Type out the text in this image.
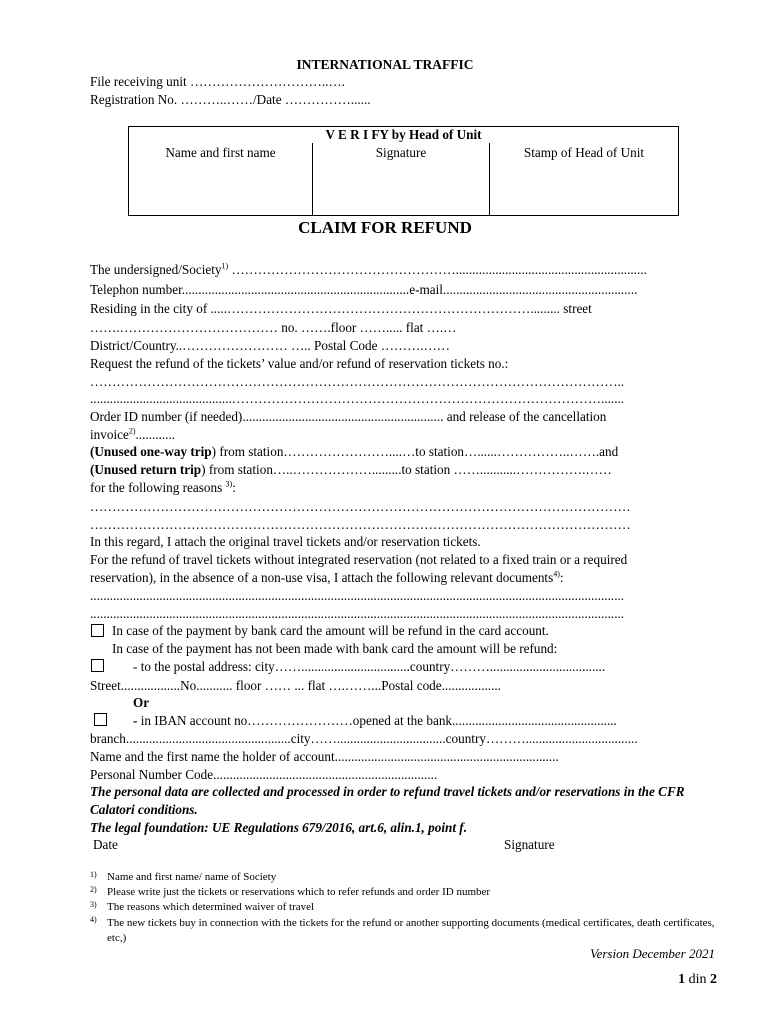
INTERNATIONAL TRAFFIC
File receiving unit …………………………..….
Registration No. ………..……/Date ……………......
V E R I FY by Head of Unit
Name and first name	Signature	Stamp of Head of Unit
CLAIM FOR REFUND
The undersigned/Society$^{1)}$ ……………………………………………..........................................................
Telephon number.....................................................................e-mail...........................................................
Residing in the city of .....……………………………………………………………......... street
…….……………………………… no. …….floor ……..... flat ….…
District/Country..…………………… ….. Postal Code ……….……
Request the refund of the tickets’ value and/or refund of reservation tickets no.:
…………………………………………………………………………………………………………..
...........................................………………………………………………………………………….......
Order ID number (if needed)............................................................. and release of the cancellation
invoice$^{2)}$............
(Unused one-way trip) from station……………………....…to station…......……………..…….and
(Unused return trip) from station…..……………….........to station ……...........…………….……
for the following reasons $^{3)}$:
……………………………………………………………………………………………………………
……………………………………………………………………………………………………………
In this regard, I attach the original travel tickets and/or reservation tickets.
For the refund of travel tickets without integrated reservation (not related to a fixed train or a required
reservation), in the absence of a non-use visa, I attach the following relevant documents$^{4)}$:
..................................................................................................................................................................
..................................................................................................................................................................
In case of the payment by bank card the amount will be refund in the card account.
In case of the payment has not been made with bank card the amount will be refund:
- to the postal address: city…….................................country………...................................
Street..................No........... floor …… ... flat ….……...Postal code..................
Or
- in IBAN account no……………………opened at the bank..................................................
branch..................................................city…….................................country………..................................
Name and the first name the holder of account....................................................................
Personal Number Code....................................................................
The personal data are collected and processed in order to refund travel tickets and/or reservations in the CFR Calatori conditions.
The legal foundation: UE Regulations 679/2016, art.6, alin.1, point f.
Date	Signature
1) Name and first name/ name of Society
2) Please write just the tickets or reservations which to refer refunds and order ID number
3) The reasons which determined waiver of travel
4) The new tickets buy in connection with the tickets for the refund or another supporting documents (medical certificates, death certificates, etc,)
Version December 2021
1 din 2
